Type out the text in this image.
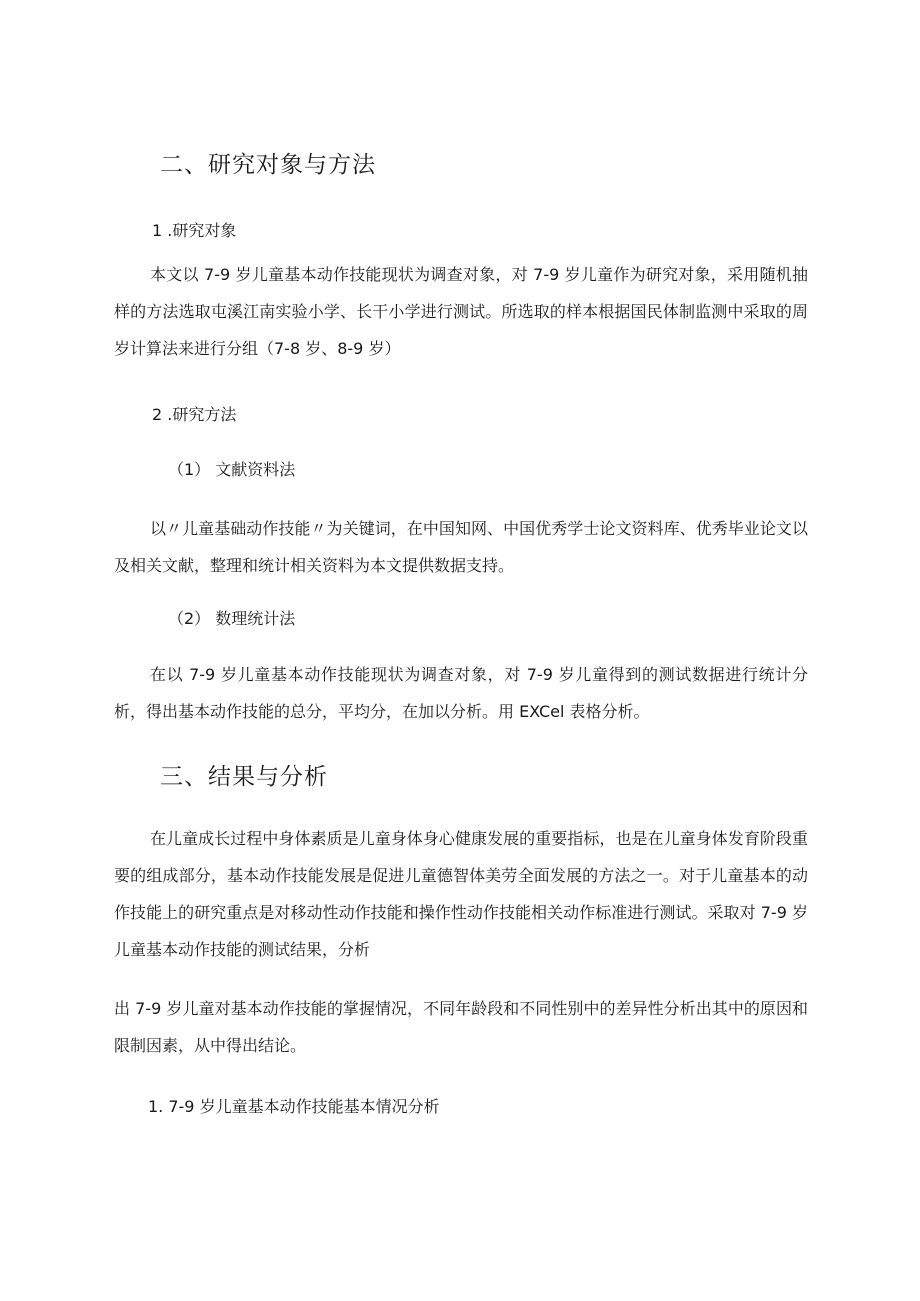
二、研究对象与方法

1 .研究对象

本文以 7-9 岁儿童基本动作技能现状为调查对象，对 7-9 岁儿童作为研究对象，采用随机抽样的方法选取屯溪江南实验小学、长干小学进行测试。所选取的样本根据国民体制监测中采取的周岁计算法来进行分组（7-8 岁、8-9 岁）

2 .研究方法

（1） 文献资料法

以〃儿童基础动作技能〃为关键词，在中国知网、中国优秀学士论文资料库、优秀毕业论文以及相关文献，整理和统计相关资料为本文提供数据支持。

（2） 数理统计法

在以 7-9 岁儿童基本动作技能现状为调查对象，对 7-9 岁儿童得到的测试数据进行统计分析，得出基本动作技能的总分，平均分，在加以分析。用 EXCel 表格分析。

三、结果与分析

在儿童成长过程中身体素质是儿童身体身心健康发展的重要指标，也是在儿童身体发育阶段重要的组成部分，基本动作技能发展是促进儿童德智体美劳全面发展的方法之一。对于儿童基本的动作技能上的研究重点是对移动性动作技能和操作性动作技能相关动作标准进行测试。采取对 7-9 岁儿童基本动作技能的测试结果，分析

出 7-9 岁儿童对基本动作技能的掌握情况，不同年龄段和不同性别中的差异性分析出其中的原因和限制因素，从中得出结论。

1. 7-9 岁儿童基本动作技能基本情况分析
